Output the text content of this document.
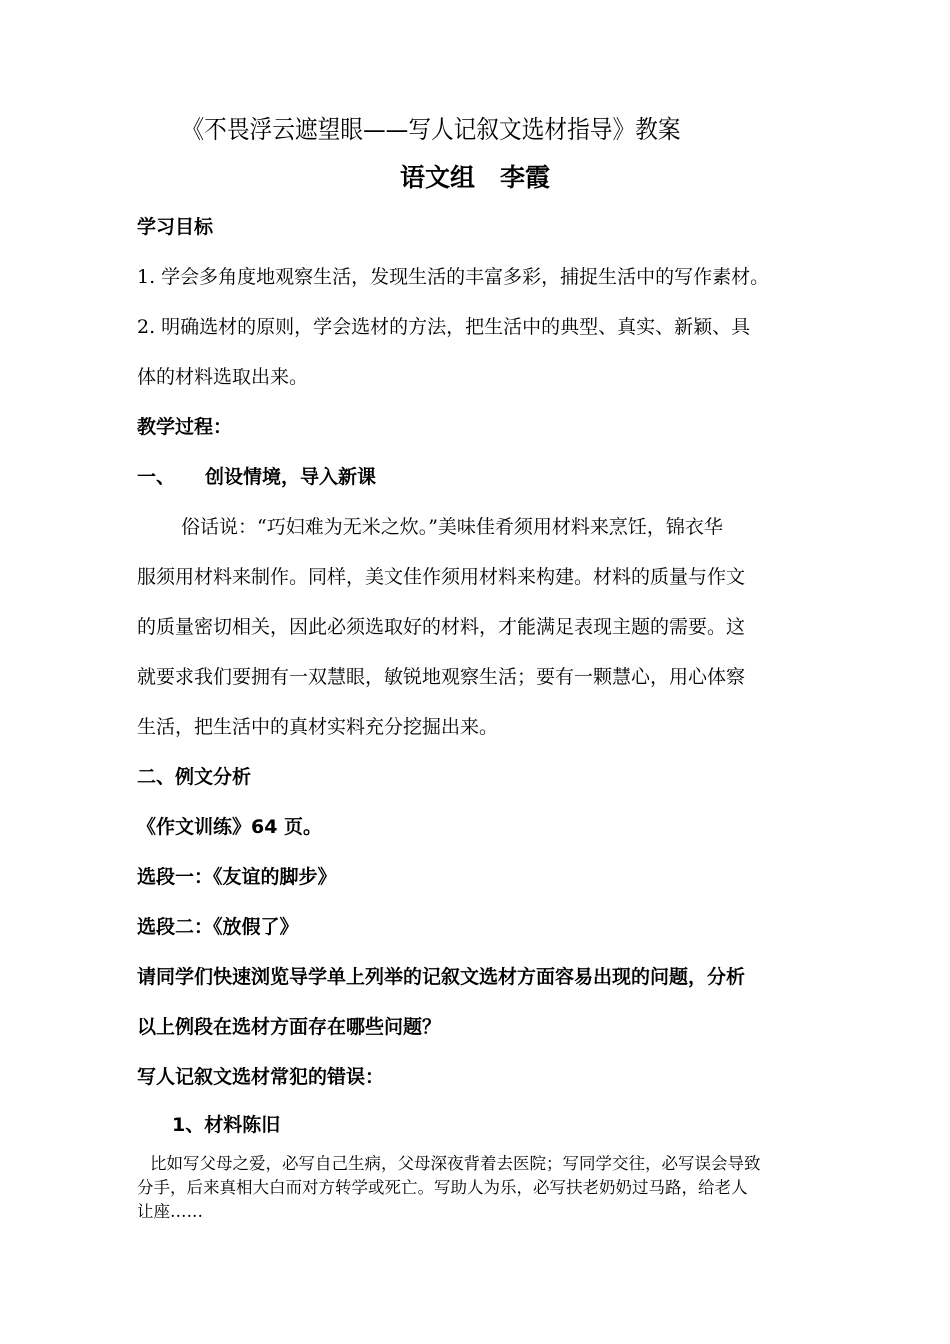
《不畏浮云遮望眼——写人记叙文选材指导》教案
语文组　李霞
学习目标
1. 学会多角度地观察生活，发现生活的丰富多彩，捕捉生活中的写作素材。
2. 明确选材的原则，学会选材的方法，把生活中的典型、真实、新颖、具
体的材料选取出来。
教学过程：
一、 创设情境，导入新课
俗话说：“巧妇难为无米之炊。”美味佳肴须用材料来烹饪，锦衣华
服须用材料来制作。同样，美文佳作须用材料来构建。材料的质量与作文
的质量密切相关，因此必须选取好的材料，才能满足表现主题的需要。这
就要求我们要拥有一双慧眼，敏锐地观察生活；要有一颗慧心，用心体察
生活，把生活中的真材实料充分挖掘出来。
二、例文分析
《作文训练》64 页。
选段一：《友谊的脚步》
选段二：《放假了》
请同学们快速浏览导学单上列举的记叙文选材方面容易出现的问题，分析
以上例段在选材方面存在哪些问题？
写人记叙文选材常犯的错误：
1、材料陈旧
比如写父母之爱，必写自己生病，父母深夜背着去医院；写同学交往，必写误会导致
分手，后来真相大白而对方转学或死亡。写助人为乐，必写扶老奶奶过马路，给老人
让座……
